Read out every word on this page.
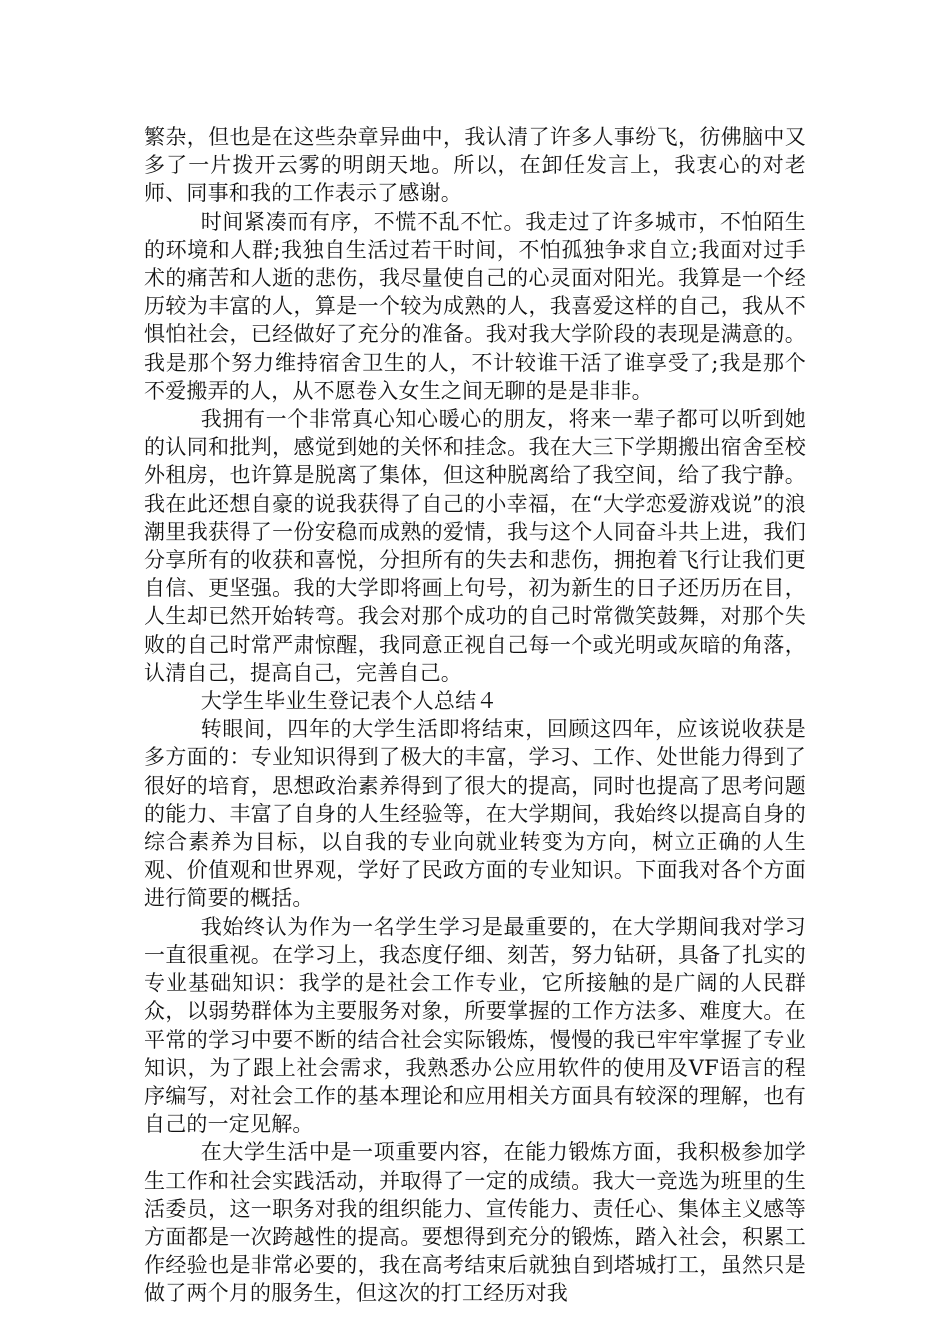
繁杂，但也是在这些杂章异曲中，我认清了许多人事纷飞，彷佛脑中又多了一片拨开云雾的明朗天地。所以，在卸任发言上，我衷心的对老师、同事和我的工作表示了感谢。

时间紧凑而有序，不慌不乱不忙。我走过了许多城市，不怕陌生的环境和人群;我独自生活过若干时间，不怕孤独争求自立;我面对过手术的痛苦和人逝的悲伤，我尽量使自己的心灵面对阳光。我算是一个经历较为丰富的人，算是一个较为成熟的人，我喜爱这样的自己，我从不惧怕社会，已经做好了充分的准备。我对我大学阶段的表现是满意的。我是那个努力维持宿舍卫生的人，不计较谁干活了谁享受了;我是那个不爱搬弄的人，从不愿卷入女生之间无聊的是是非非。

我拥有一个非常真心知心暖心的朋友，将来一辈子都可以听到她的认同和批判，感觉到她的关怀和挂念。我在大三下学期搬出宿舍至校外租房，也许算是脱离了集体，但这种脱离给了我空间，给了我宁静。我在此还想自豪的说我获得了自己的小幸福，在“大学恋爱游戏说”的浪潮里我获得了一份安稳而成熟的爱情，我与这个人同奋斗共上进，我们分享所有的收获和喜悦，分担所有的失去和悲伤，拥抱着飞行让我们更自信、更坚强。我的大学即将画上句号，初为新生的日子还历历在目，人生却已然开始转弯。我会对那个成功的自己时常微笑鼓舞，对那个失败的自己时常严肃惊醒，我同意正视自己每一个或光明或灰暗的角落，认清自己，提高自己，完善自己。

大学生毕业生登记表个人总结４

转眼间，四年的大学生活即将结束，回顾这四年，应该说收获是多方面的：专业知识得到了极大的丰富，学习、工作、处世能力得到了很好的培育，思想政治素养得到了很大的提高，同时也提高了思考问题的能力、丰富了自身的人生经验等，在大学期间，我始终以提高自身的综合素养为目标，以自我的专业向就业转变为方向，树立正确的人生观、价值观和世界观，学好了民政方面的专业知识。下面我对各个方面进行简要的概括。

我始终认为作为一名学生学习是最重要的，在大学期间我对学习一直很重视。在学习上，我态度仔细、刻苦，努力钻研，具备了扎实的专业基础知识：我学的是社会工作专业，它所接触的是广阔的人民群众，以弱势群体为主要服务对象，所要掌握的工作方法多、难度大。在平常的学习中要不断的结合社会实际锻炼，慢慢的我已牢牢掌握了专业知识，为了跟上社会需求，我熟悉办公应用软件的使用及VF语言的程序编写，对社会工作的基本理论和应用相关方面具有较深的理解，也有自己的一定见解。

在大学生活中是一项重要内容，在能力锻炼方面，我积极参加学生工作和社会实践活动，并取得了一定的成绩。我大一竞选为班里的生活委员，这一职务对我的组织能力、宣传能力、责任心、集体主义感等方面都是一次跨越性的提高。要想得到充分的锻炼，踏入社会，积累工作经验也是非常必要的，我在高考结束后就独自到塔城打工，虽然只是做了两个月的服务生，但这次的打工经历对我
